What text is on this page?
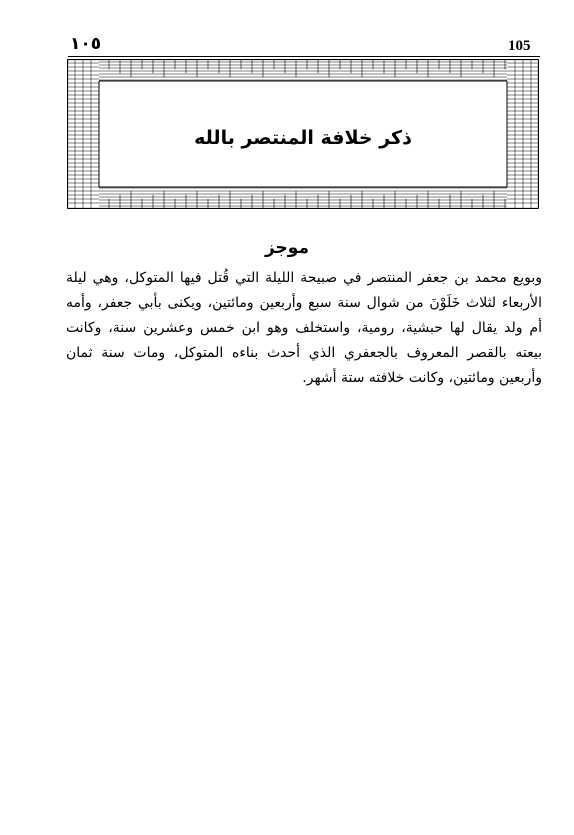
١٠٥	105
ذكر خلافة المنتصر بالله
موجز

وبويع محمد بن جعفر المنتصر في صبيحة الليلة التي قُتل فيها المتوكل، وهي ليلة الأربعاء لثلاث خَلَوْنَ من شوال سنة سبع وأربعين ومائتين، ويكنى بأبي جعفر، وأمه أم ولد يقال لها حبشية، رومية، واستخلف وهو ابن خمس وعشرين سنة، وكانت بيعته بالقصر المعروف بالجعفري الذي أحدث بناءه المتوكل، ومات سنة ثمان وأربعين ومائتين، وكانت خلافته ستة أشهر.
